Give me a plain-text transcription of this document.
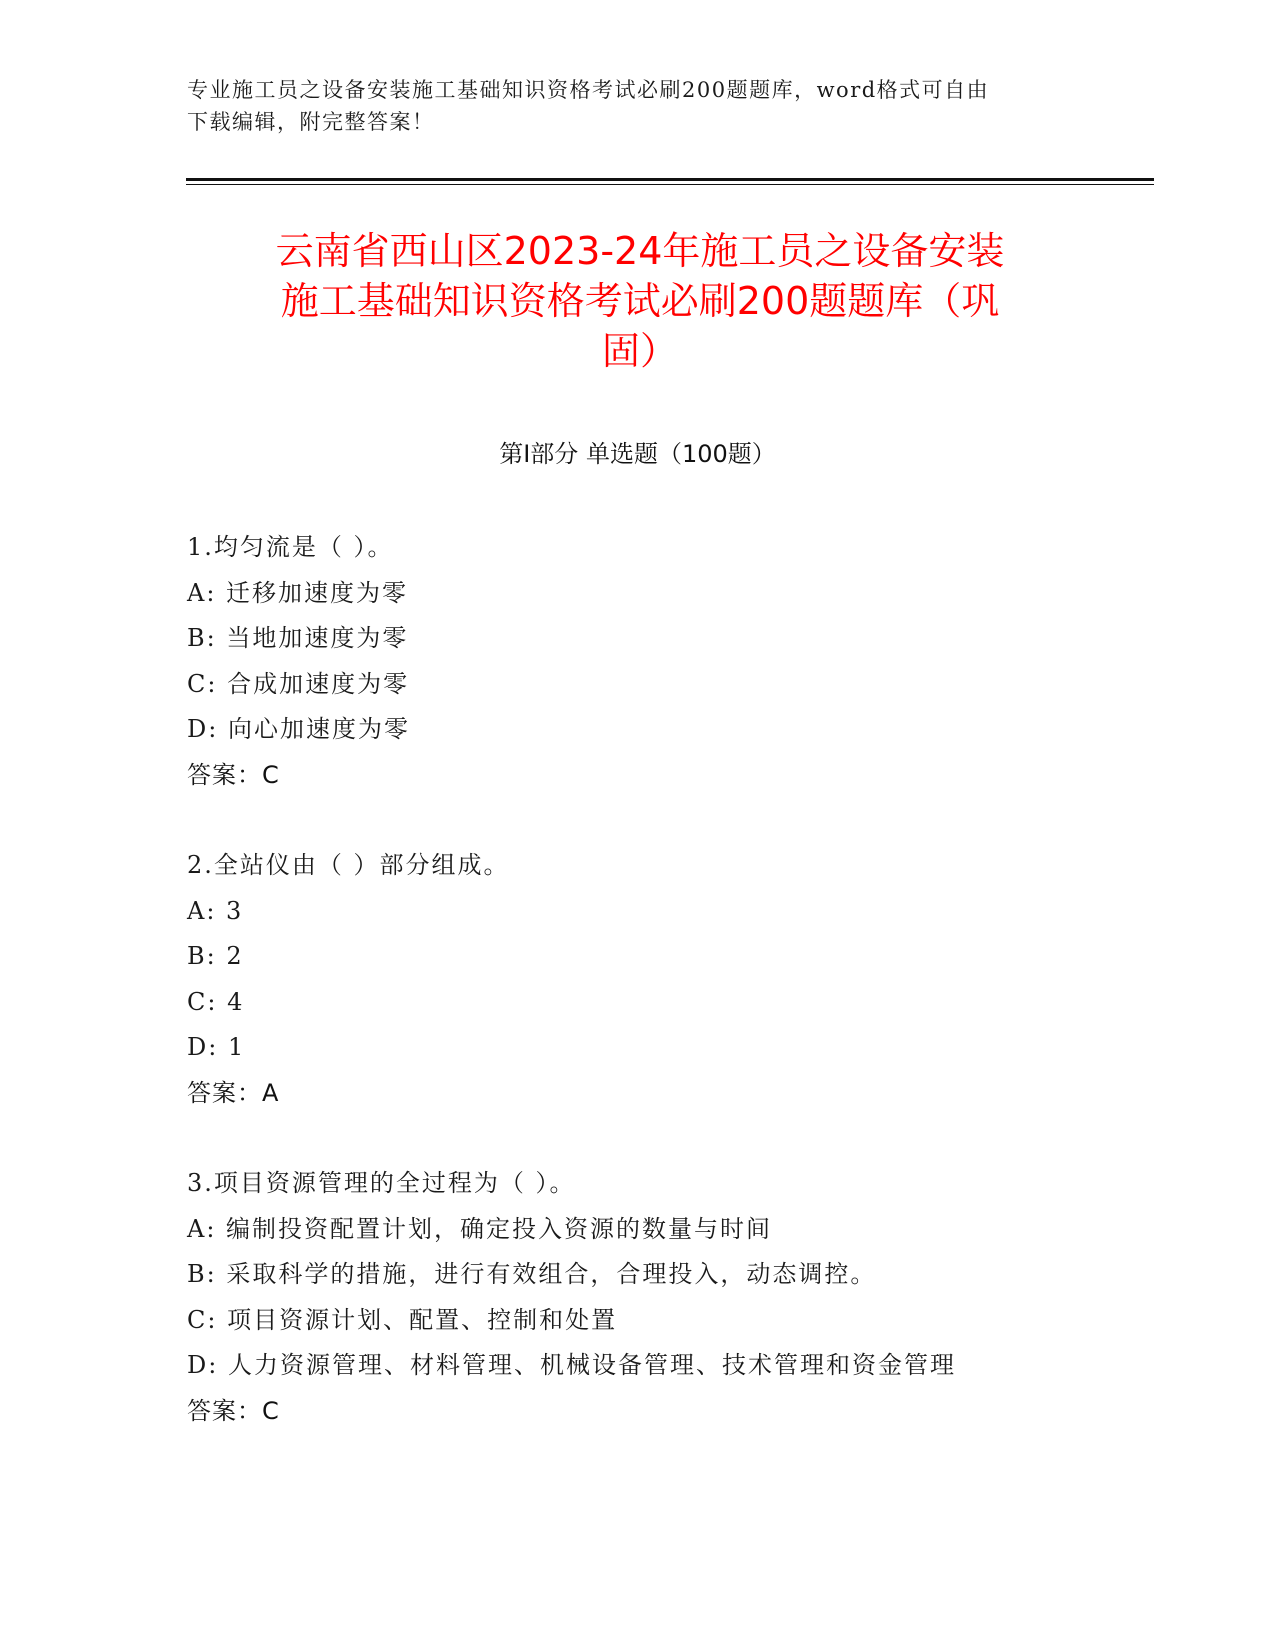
专业施工员之设备安装施工基础知识资格考试必刷200题题库，word格式可自由
下载编辑，附完整答案！
云南省西山区2023-24年施工员之设备安装
施工基础知识资格考试必刷200题题库（巩
固）
第Ⅰ部分 单选题（100题）
1.均匀流是（ ）。
A: 迁移加速度为零
B: 当地加速度为零
C: 合成加速度为零
D: 向心加速度为零
答案：C
2.全站仪由（ ）部分组成。
A: 3
B: 2
C: 4
D: 1
答案：A
3.项目资源管理的全过程为（ ）。
A: 编制投资配置计划，确定投入资源的数量与时间
B: 采取科学的措施，进行有效组合，合理投入，动态调控。
C: 项目资源计划、配置、控制和处置
D: 人力资源管理、材料管理、机械设备管理、技术管理和资金管理
答案：C
